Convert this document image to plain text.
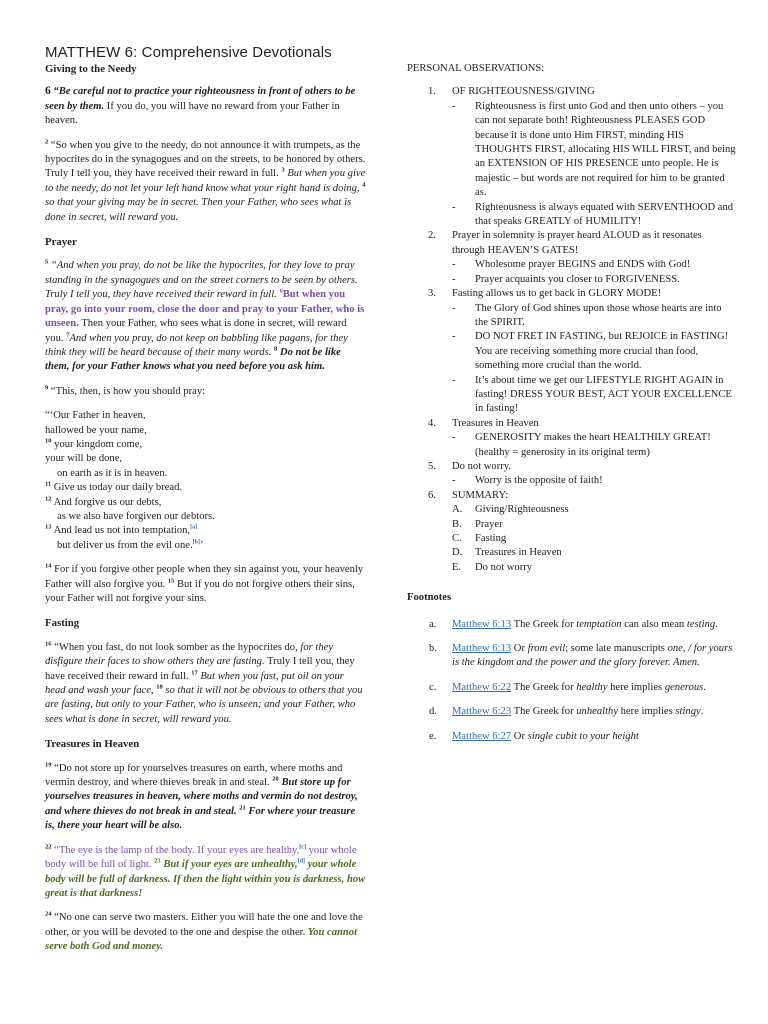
MATTHEW 6: Comprehensive Devotionals
Giving to the Needy

6 “Be careful not to practice your righteousness in front of others to be seen by them. If you do, you will have no reward from your Father in heaven.

$^2$ “So when you give to the needy, do not announce it with trumpets, as the hypocrites do in the synagogues and on the streets, to be honored by others. Truly I tell you, they have received their reward in full. $^3$ But when you give to the needy, do not let your left hand know what your right hand is doing, $^4$ so that your giving may be in secret. Then your Father, who sees what is done in secret, will reward you.

Prayer

$^5$ “And when you pray, do not be like the hypocrites, for they love to pray standing in the synagogues and on the street corners to be seen by others. Truly I tell you, they have received their reward in full. $^6$But when you pray, go into your room, close the door and pray to your Father, who is unseen. Then your Father, who sees what is done in secret, will reward you. $^7$And when you pray, do not keep on babbling like pagans, for they think they will be heard because of their many words. $^8$ Do not be like them, for your Father knows what you need before you ask him.

$^9$ “This, then, is how you should pray:

“‘Our Father in heaven,

hallowed be your name,

$^{10}$ your kingdom come,

your will be done,

on earth as it is in heaven.

$^{11}$ Give us today our daily bread.

$^{12}$ And forgive us our debts,

as we also have forgiven our debtors.

$^{13}$ And lead us not into temptation,[a]

but deliver us from the evil one.[b]’

$^{14}$ For if you forgive other people when they sin against you, your heavenly Father will also forgive you. $^{15}$ But if you do not forgive others their sins, your Father will not forgive your sins.

Fasting

$^{16}$ “When you fast, do not look somber as the hypocrites do, for they disfigure their faces to show others they are fasting. Truly I tell you, they have received their reward in full. $^{17}$ But when you fast, put oil on your head and wash your face, $^{18}$ so that it will not be obvious to others that you are fasting, but only to your Father, who is unseen; and your Father, who sees what is done in secret, will reward you.

Treasures in Heaven

$^{19}$ “Do not store up for yourselves treasures on earth, where moths and vermin destroy, and where thieves break in and steal. $^{20}$ But store up for yourselves treasures in heaven, where moths and vermin do not destroy, and where thieves do not break in and steal. $^{21}$ For where your treasure is, there your heart will be also.

$^{22}$ “The eye is the lamp of the body. If your eyes are healthy,[c] your whole body will be full of light. $^{23}$ But if your eyes are unhealthy,[d] your whole body will be full of darkness. If then the light within you is darkness, how great is that darkness!

$^{24}$ “No one can serve two masters. Either you will hate the one and love the other, or you will be devoted to the one and despise the other. You cannot serve both God and money.

PERSONAL OBSERVATIONS:
1. OF RIGHTEOUSNESS/GIVING
- Righteousness is first unto God and then unto others – you can not separate both! Righteousness PLEASES GOD because it is done unto Him FIRST, minding HIS THOUGHTS FIRST, allocating HIS WILL FIRST, and being an EXTENSION OF HIS PRESENCE unto people. He is majestic – but words are not required for him to be granted as.
- Righteousness is always equated with SERVENTHOOD and that speaks GREATLY of HUMILITY!
2. Prayer in solemnity is prayer heard ALOUD as it resonates through HEAVEN’S GATES!
- Wholesome prayer BEGINS and ENDS with God!
- Prayer acquaints you closer to FORGIVENESS.
3. Fasting allows us to get back in GLORY MODE!
- The Glory of God shines upon those whose hearts are into the SPIRIT.
- DO NOT FRET IN FASTING, but REJOICE in FASTING! You are receiving something more crucial than food, something more crucial than the world.
- It’s about time we get our LIFESTYLE RIGHT AGAIN in fasting! DRESS YOUR BEST, ACT YOUR EXCELLENCE in fasting!
4. Treasures in Heaven
- GENEROSITY makes the heart HEALTHILY GREAT! (healthy = generosity in its original term)
5. Do not worry.
- Worry is the opposite of faith!
6. SUMMARY:
A. Giving/Righteousness
B. Prayer
C. Fasting
D. Treasures in Heaven
E. Do not worry
Footnotes
a. Matthew 6:13 The Greek for temptation can also mean testing.
b. Matthew 6:13 Or from evil; some late manuscripts one, / for yours is the kingdom and the power and the glory forever. Amen.
c. Matthew 6:22 The Greek for healthy here implies generous.
d. Matthew 6:23 The Greek for unhealthy here implies stingy.
e. Matthew 6:27 Or single cubit to your height
